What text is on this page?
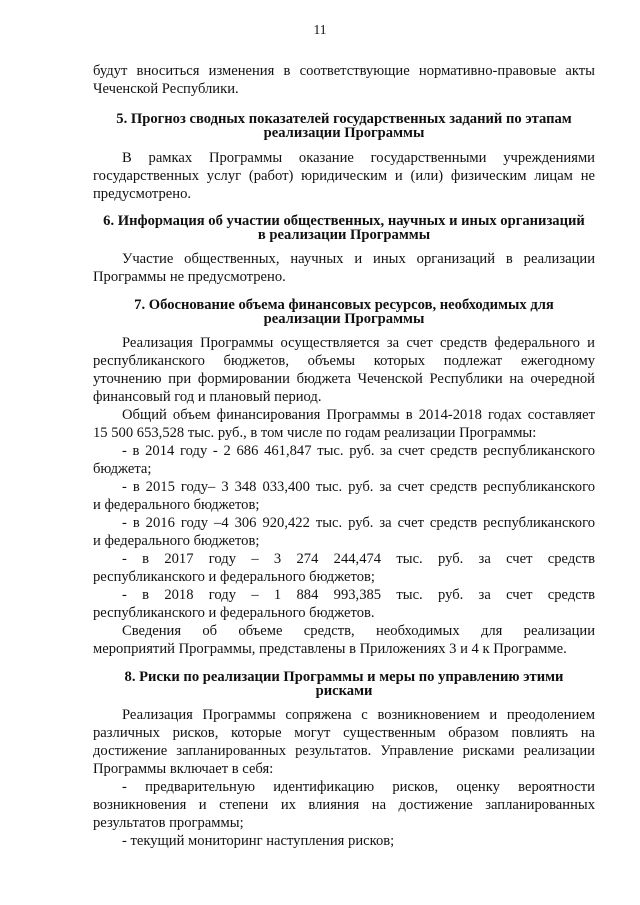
11
будут вноситься изменения в соответствующие нормативно-правовые акты
Чеченской Республики.
5. Прогноз сводных показателей государственных заданий по этапам
реализации Программы
В рамках Программы оказание государственными учреждениями
государственных услуг (работ) юридическим и (или) физическим лицам не
предусмотрено.
6. Информация об участии общественных, научных и иных организаций
в реализации Программы
Участие общественных, научных и иных организаций в реализации
Программы не предусмотрено.
7. Обоснование объема финансовых ресурсов, необходимых для
реализации Программы
Реализация Программы осуществляется за счет средств федерального и
республиканского бюджетов, объемы которых подлежат ежегодному
уточнению при формировании бюджета Чеченской Республики на очередной
финансовый год и плановый период.
Общий объем финансирования Программы в 2014-2018 годах составляет
15 500 653,528 тыс. руб., в том числе по годам реализации Программы:
- в 2014 году - 2 686 461,847 тыс. руб. за счет средств республиканского
бюджета;
- в 2015 году– 3 348 033,400 тыс. руб. за счет средств республиканского
и федерального бюджетов;
- в 2016 году –4 306 920,422 тыс. руб. за счет средств республиканского
и федерального бюджетов;
- в 2017 году – 3 274 244,474 тыс. руб. за счет средств
республиканского и федерального бюджетов;
- в 2018 году – 1 884 993,385 тыс. руб. за счет средств
республиканского и федерального бюджетов.
Сведения об объеме средств, необходимых для реализации
мероприятий Программы, представлены в Приложениях 3 и 4 к Программе.
8. Риски по реализации Программы и меры по управлению этими
рисками
Реализация Программы сопряжена с возникновением и преодолением
различных рисков, которые могут существенным образом повлиять на
достижение запланированных результатов. Управление рисками реализации
Программы включает в себя:
- предварительную идентификацию рисков, оценку вероятности
возникновения и степени их влияния на достижение запланированных
результатов программы;
- текущий мониторинг наступления рисков;
